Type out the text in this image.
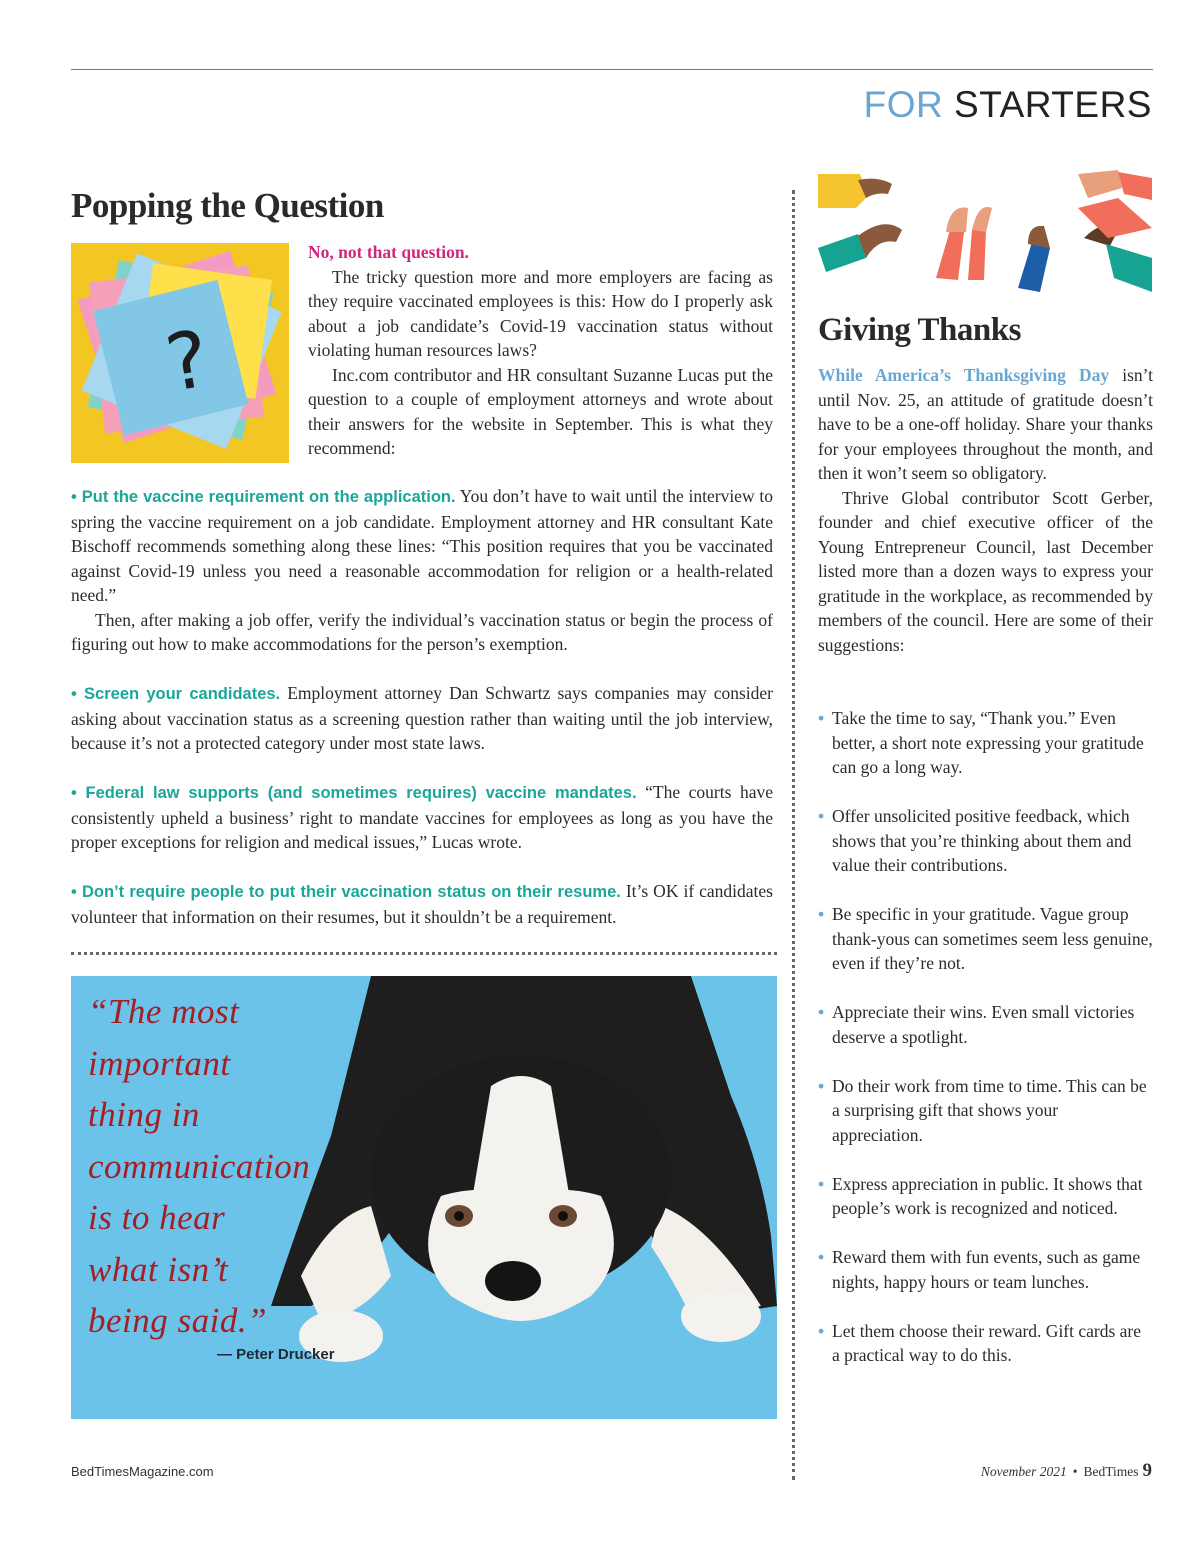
FOR STARTERS
Popping the Question
?

No, not that question.

The tricky question more and more employers are facing as they require vaccinated employees is this: How do I properly ask about a job candidate’s Covid-19 vaccination status without violating human resources laws?

Inc.com contributor and HR consultant Suzanne Lucas put the question to a couple of employment attorneys and wrote about their answers for the website in September. This is what they recommend:

• Put the vaccine requirement on the application. You don’t have to wait until the interview to spring the vaccine requirement on a job candidate. Employment attorney and HR consultant Kate Bischoff recommends something along these lines: “This position requires that you be vaccinated against Covid-19 unless you need a reasonable accommodation for religion or a health-related need.”
Then, after making a job offer, verify the individual’s vaccination status or begin the process of figuring out how to make accommodations for the person’s exemption.
• Screen your candidates. Employment attorney Dan Schwartz says companies may consider asking about vaccination status as a screening question rather than waiting until the job interview, because it’s not a protected category under most state laws.
• Federal law supports (and sometimes requires) vaccine mandates. “The courts have consistently upheld a business’ right to mandate vaccines for employees as long as you have the proper exceptions for religion and medical issues,” Lucas wrote.
• Don’t require people to put their vaccination status on their resume. It’s OK if candidates volunteer that information on their resumes, but it shouldn’t be a requirement.
“The most
important
thing in
communication
is to hear
what isn’t
being said.”
— Peter Drucker
Giving Thanks

While America’s Thanksgiving Day isn’t until Nov. 25, an attitude of gratitude doesn’t have to be a one-off holiday. Share your thanks for your employees throughout the month, and then it won’t seem so obligatory.

Thrive Global contributor Scott Gerber, founder and chief executive officer of the Young Entrepreneur Council, last December listed more than a dozen ways to express your gratitude in the workplace, as recommended by members of the council. Here are some of their suggestions:

• Take the time to say, “Thank you.” Even better, a short note expressing your gratitude can go a long way.
• Offer unsolicited positive feedback, which shows that you’re thinking about them and value their contributions.
• Be specific in your gratitude. Vague group thank-yous can sometimes seem less genuine, even if they’re not.
• Appreciate their wins. Even small victories deserve a spotlight.
• Do their work from time to time. This can be a surprising gift that shows your appreciation.
• Express appreciation in public. It shows that people’s work is recognized and noticed.
• Reward them with fun events, such as game nights, happy hours or team lunches.
• Let them choose their reward. Gift cards are a practical way to do this.
BedTimesMagazine.com	November 2021 • BedTimes 9
